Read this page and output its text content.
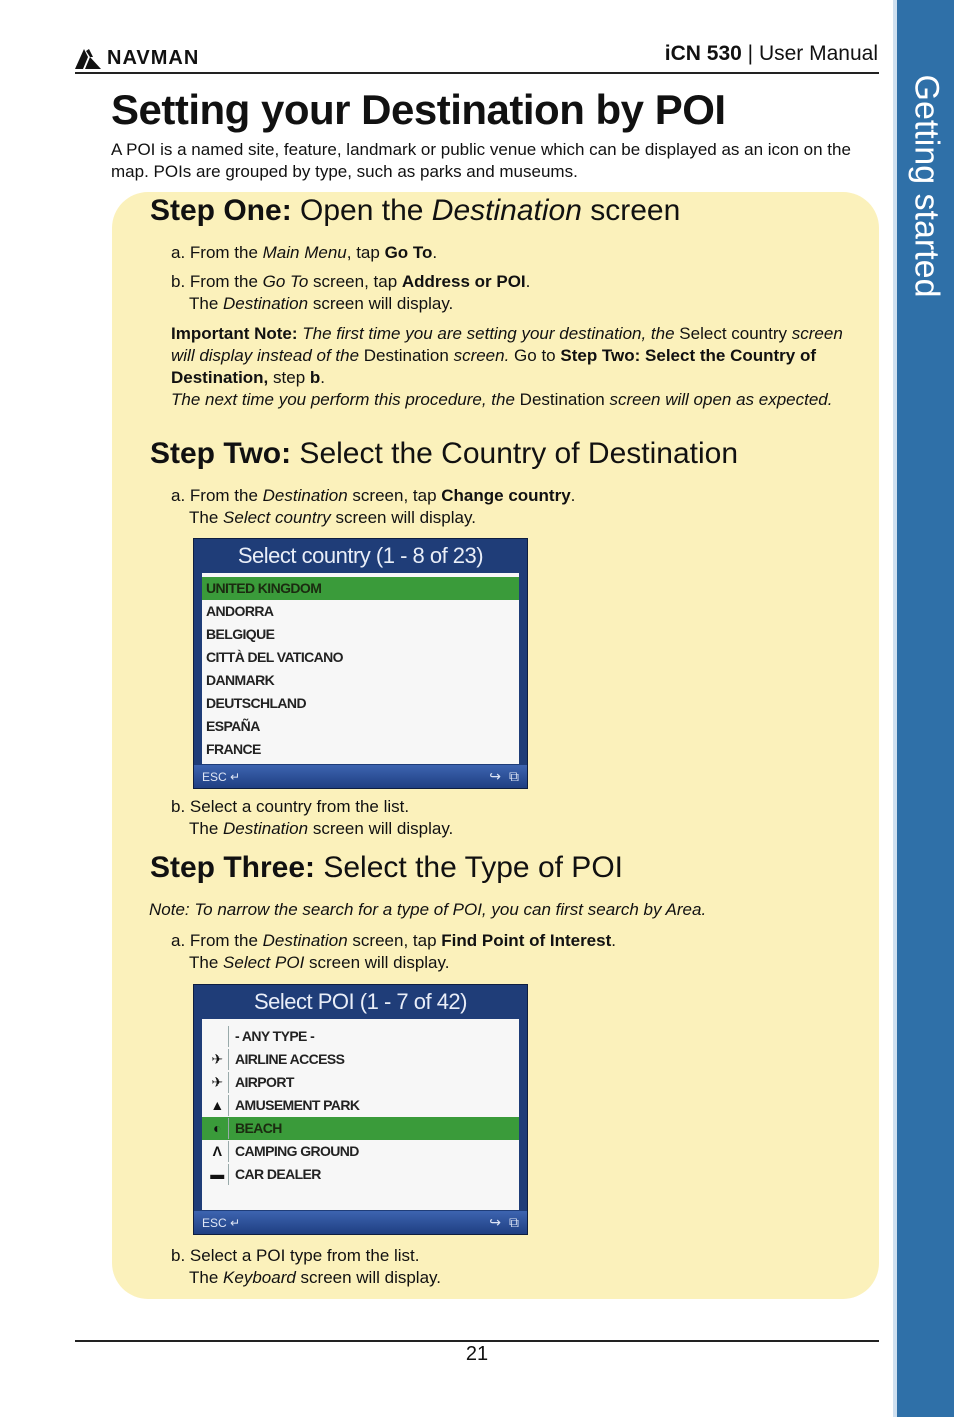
Getting started
NAVMAN	iCN 530 | User Manual
Setting your Destination by POI

A POI is a named site, feature, landmark or public venue which can be displayed as an icon on the map. POIs are grouped by type, such as parks and museums.

Step One: Open the Destination screen
a. From the Main Menu, tap Go To.
b. From the Go To screen, tap Address or POI.
The Destination screen will display.

Important Note: The first time you are setting your destination, the Select country screen will display instead of the Destination screen. Go to Step Two: Select the Country of Destination, step b.
The next time you perform this procedure, the Destination screen will open as expected.

Step Two: Select the Country of Destination
a. From the Destination screen, tap Change country.
The Select country screen will display.
Select country (1 - 8 of 23)
UNITED KINGDOM
ANDORRA
BELGIQUE
CITTÀ DEL VATICANO
DANMARK
DEUTSCHLAND
ESPAÑA
FRANCE
ESC ↵	↪ ⧉
b. Select a country from the list.
The Destination screen will display.
Step Three: Select the Type of POI
Note: To narrow the search for a type of POI, you can first search by Area.
a. From the Destination screen, tap Find Point of Interest.
The Select POI screen will display.
Select POI (1 - 7 of 42)
- ANY TYPE -
✈ AIRLINE ACCESS
✈ AIRPORT
▲ AMUSEMENT PARK
◐	BEACH
Λ CAMPING GROUND
▬ CAR DEALER
ESC ↵	↪ ⧉
b. Select a POI type from the list.
The Keyboard screen will display.
21
